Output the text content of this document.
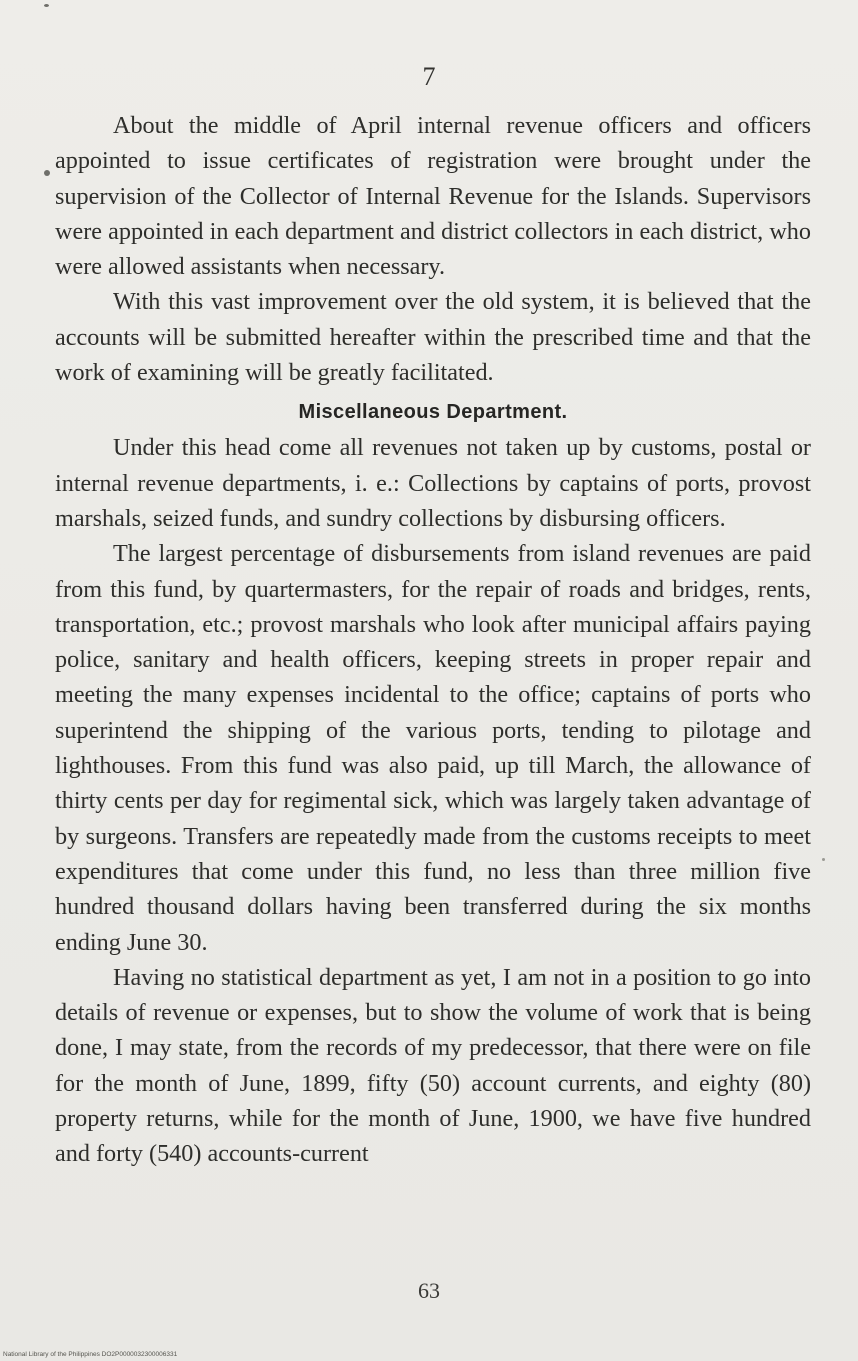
7

About the middle of April internal revenue officers and officers appointed to issue certificates of registration were brought under the supervision of the Collector of Internal Revenue for the Islands. Supervisors were appointed in each department and district collectors in each district, who were allowed assistants when necessary.

With this vast improvement over the old system, it is believed that the accounts will be submitted hereafter within the prescribed time and that the work of examining will be greatly facilitated.

Miscellaneous Department.

Under this head come all revenues not taken up by customs, postal or internal revenue departments, i. e.: Collections by captains of ports, provost marshals, seized funds, and sundry collections by disbursing officers.

The largest percentage of disbursements from island revenues are paid from this fund, by quartermasters, for the repair of roads and bridges, rents, transportation, etc.; provost marshals who look after municipal affairs paying police, sanitary and health officers, keeping streets in proper repair and meeting the many expenses incidental to the office; captains of ports who superintend the shipping of the various ports, tending to pilotage and lighthouses. From this fund was also paid, up till March, the allowance of thirty cents per day for regimental sick, which was largely taken advantage of by surgeons. Transfers are repeatedly made from the customs receipts to meet expenditures that come under this fund, no less than three million five hundred thousand dollars having been transferred during the six months ending June 30.

Having no statistical department as yet, I am not in a position to go into details of revenue or expenses, but to show the volume of work that is being done, I may state, from the records of my predecessor, that there were on file for the month of June, 1899, fifty (50) account currents, and eighty (80) property returns, while for the month of June, 1900, we have five hundred and forty (540) accounts-current

63
National Library of the Philippines DO2P0000032300006331
